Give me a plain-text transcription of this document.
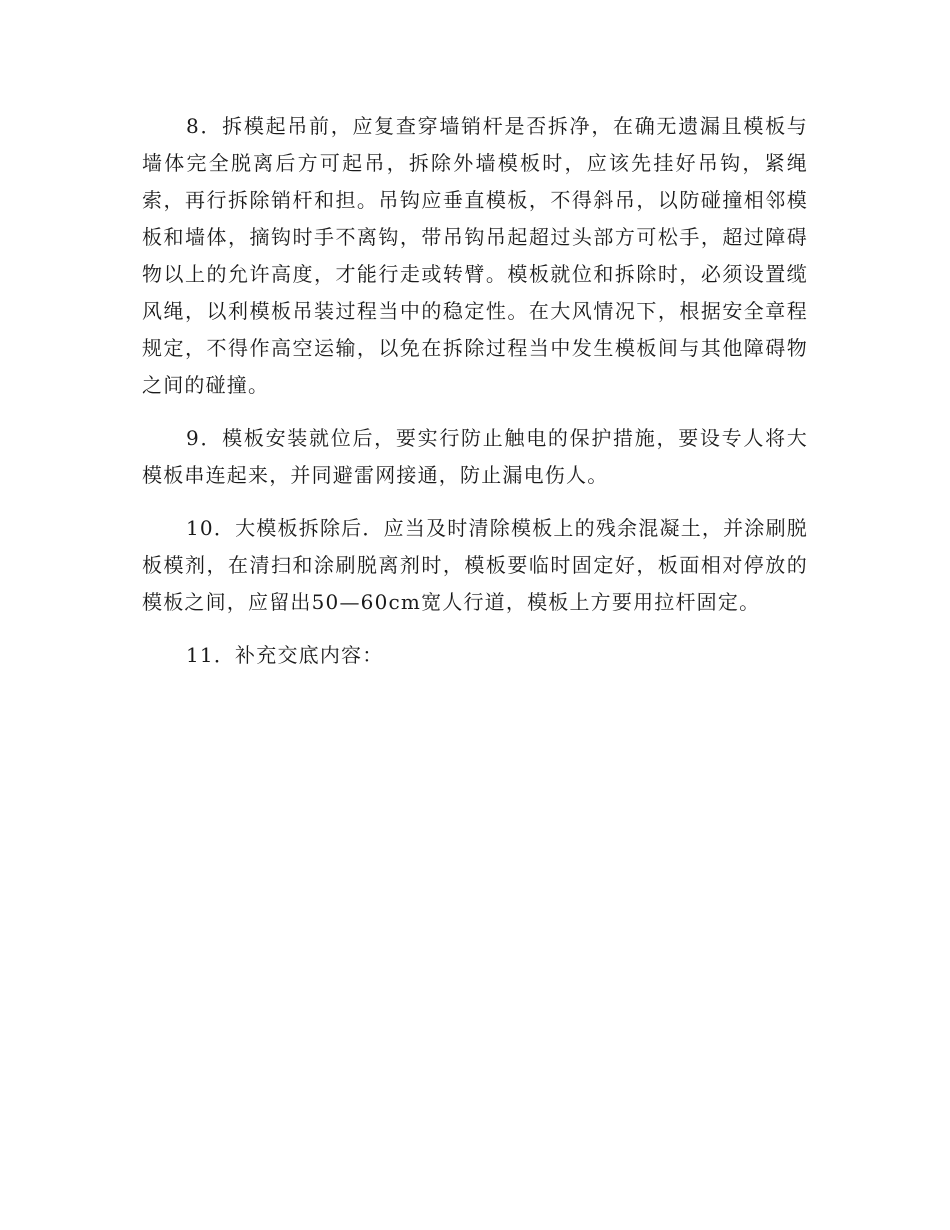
8．拆模起吊前，应复查穿墙销杆是否拆净，在确无遗漏且模板与墙体完全脱离后方可起吊，拆除外墙模板时，应该先挂好吊钩，紧绳索，再行拆除销杆和担。吊钩应垂直模板，不得斜吊，以防碰撞相邻模板和墙体，摘钩时手不离钩，带吊钩吊起超过头部方可松手，超过障碍物以上的允许高度，才能行走或转臂。模板就位和拆除时，必须设置缆风绳，以利模板吊装过程当中的稳定性。在大风情况下，根据安全章程规定，不得作高空运输，以免在拆除过程当中发生模板间与其他障碍物之间的碰撞。

9．模板安装就位后，要实行防止触电的保护措施，要设专人将大模板串连起来，并同避雷网接通，防止漏电伤人。

10．大模板拆除后．应当及时清除模板上的残余混凝土，并涂刷脱板模剂，在清扫和涂刷脱离剂时，模板要临时固定好，板面相对停放的模板之间，应留出50—60cm宽人行道，模板上方要用拉杆固定。

11．补充交底内容：
